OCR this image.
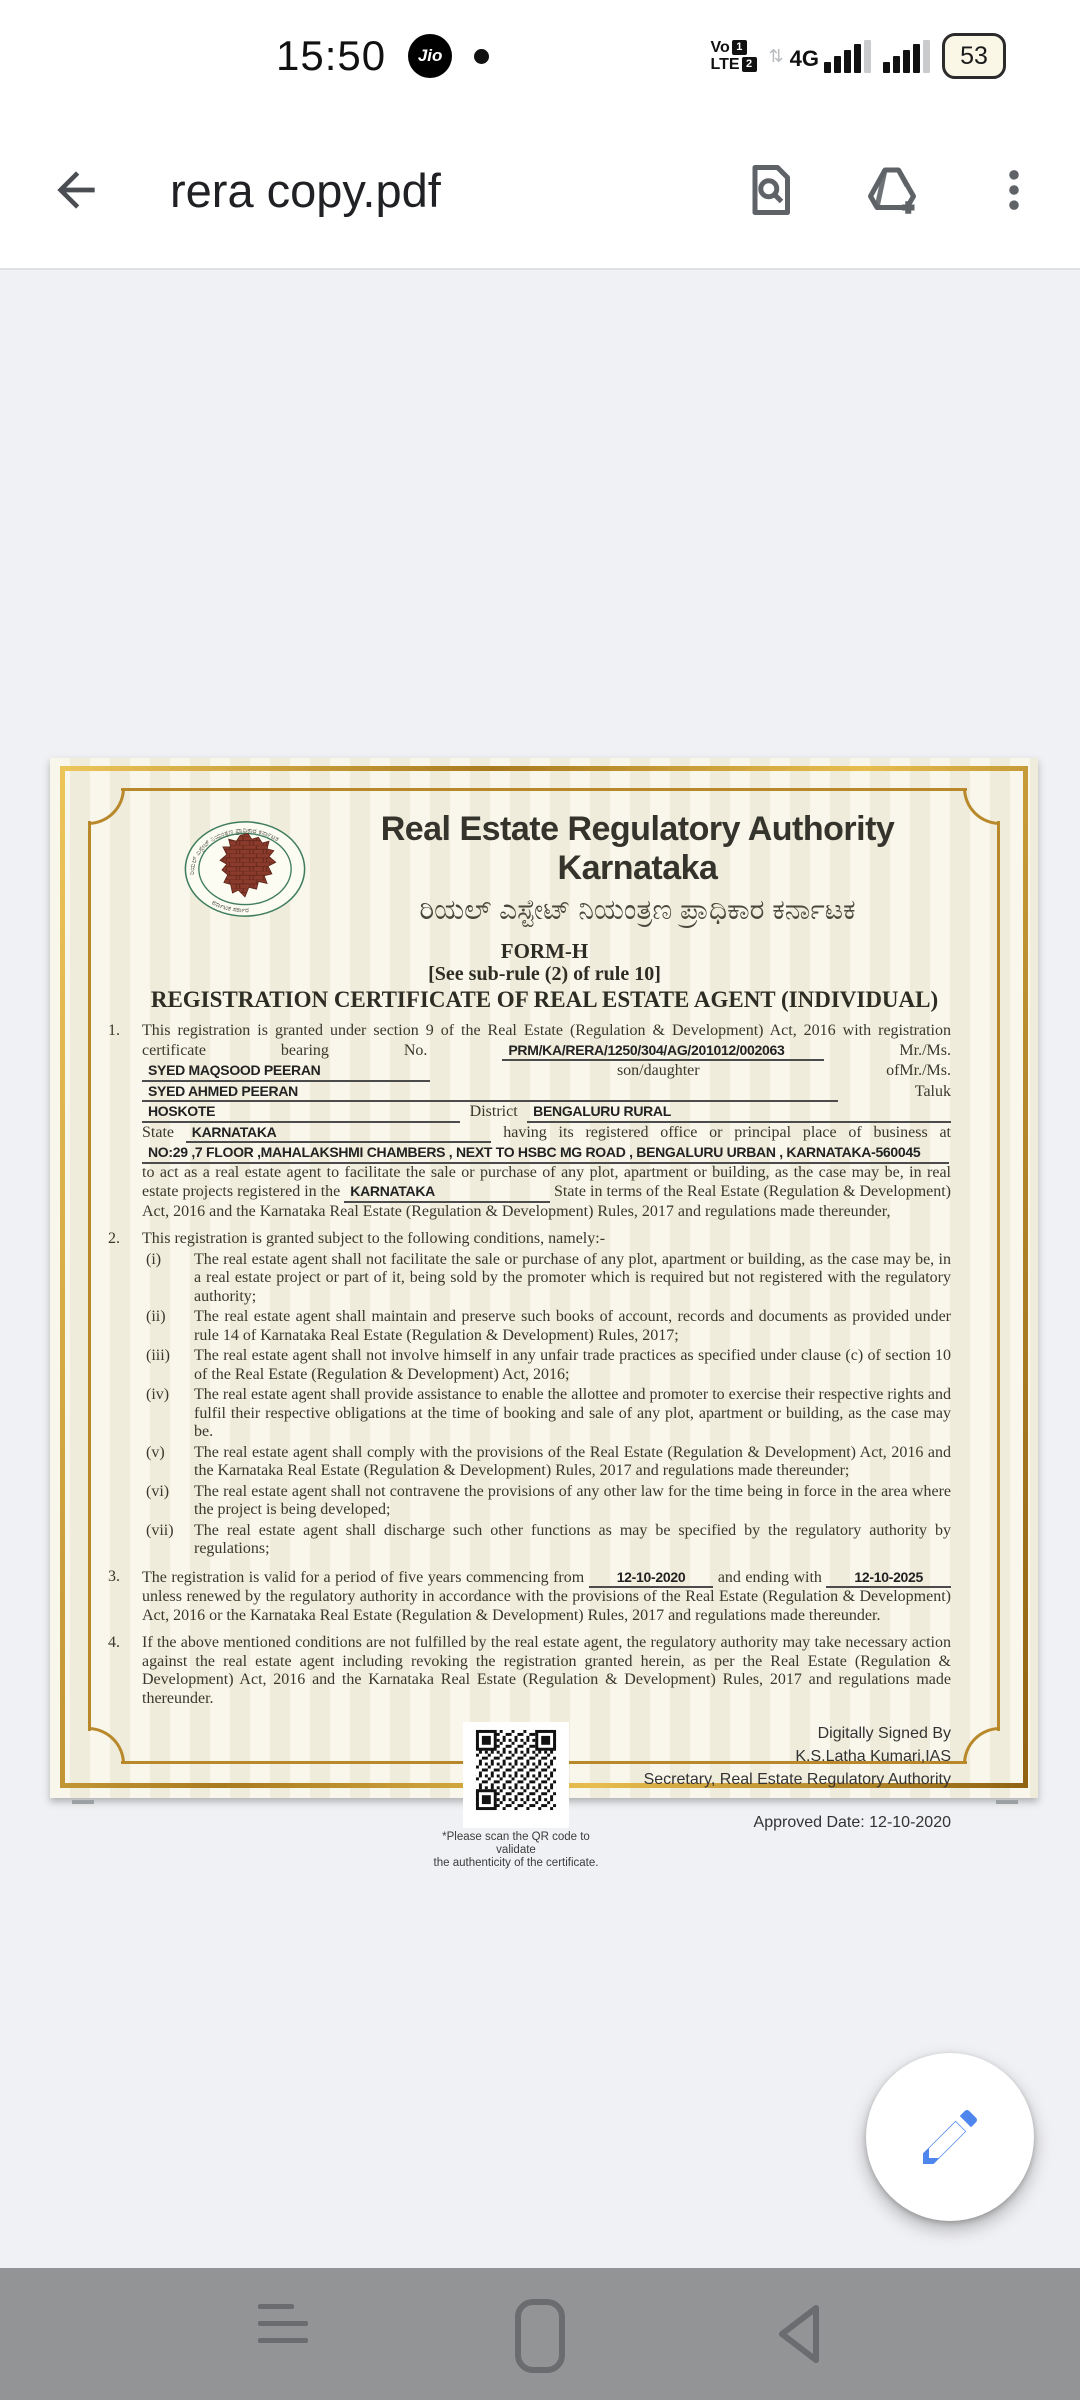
15:50	Jio	Vo 1
LTE 2 ⇅ 4G	53
rera copy.pdf
ರಿಯಲ್ ಎಸ್ಟೇಟ್ ನಿಯಂತ್ರಣ ಪ್ರಾಧಿಕಾರ ಕರ್ನಾಟಕ
ಕರ್ನಾಟಕ ಸರ್ಕಾರ
Real Estate Regulatory Authority Karnataka
ರಿಯಲ್ ಎಸ್ಟೇಟ್ ನಿಯಂತ್ರಣ ಪ್ರಾಧಿಕಾರ ಕರ್ನಾಟಕ
FORM-H
[See sub-rule (2) of rule 10]
REGISTRATION CERTIFICATE OF REAL ESTATE AGENT (INDIVIDUAL)
1. This registration is granted under section 9 of the Real Estate (Regulation & Development) Act, 2016 with registration certificate bearing No.	PRM/KA/RERA/1250/304/AG/201012/002063	Mr./Ms. SYED MAQSOOD PEERAN	son/daughter ofMr./Ms. SYED AHMED PEERAN	Taluk HOSKOTE	District BENGALURU RURAL State KARNATAKA	having its registered office or principal place of business at NO:29 ,7 FLOOR ,MAHALAKSHMI CHAMBERS , NEXT TO HSBC MG ROAD , BENGALURU URBAN , KARNATAKA-560045 to act as a real estate agent to facilitate the sale or purchase of any plot, apartment or building, as the case may be, in real estate projects registered in the KARNATAKA	State in terms of the Real Estate (Regulation & Development) Act, 2016 and the Karnataka Real Estate (Regulation & Development) Rules, 2017 and regulations made thereunder,
2. This registration is granted subject to the following conditions, namely:-
(i) The real estate agent shall not facilitate the sale or purchase of any plot, apartment or building, as the case may be, in a real estate project or part of it, being sold by the promoter which is required but not registered with the regulatory authority;
(ii) The real estate agent shall maintain and preserve such books of account, records and documents as provided under rule 14 of Karnataka Real Estate (Regulation & Development) Rules, 2017;
(iii) The real estate agent shall not involve himself in any unfair trade practices as specified under clause (c) of section 10 of the Real Estate (Regulation & Development) Act, 2016;
(iv) The real estate agent shall provide assistance to enable the allottee and promoter to exercise their respective rights and fulfil their respective obligations at the time of booking and sale of any plot, apartment or building, as the case may be.
(v) The real estate agent shall comply with the provisions of the Real Estate (Regulation & Development) Act, 2016 and the Karnataka Real Estate (Regulation & Development) Rules, 2017 and regulations made thereunder;
(vi) The real estate agent shall not contravene the provisions of any other law for the time being in force in the area where the project is being developed;
(vii) The real estate agent shall discharge such other functions as may be specified by the regulatory authority by regulations;
3. The registration is valid for a period of five years commencing from 12-10-2020 and ending with 12-10-2025 unless renewed by the regulatory authority in accordance with the provisions of the Real Estate (Regulation & Development) Act, 2016 or the Karnataka Real Estate (Regulation & Development) Rules, 2017 and regulations made thereunder.
4. If the above mentioned conditions are not fulfilled by the real estate agent, the regulatory authority may take necessary action against the real estate agent including revoking the registration granted herein, as per the Real Estate (Regulation & Development) Act, 2016 and the Karnataka Real Estate (Regulation & Development) Rules, 2017 and regulations made thereunder.
*Please scan the QR code to validate
the authenticity of the certificate.
Digitally Signed By
K.S.Latha Kumari,IAS
Secretary, Real Estate Regulatory Authority
Approved Date: 12-10-2020
